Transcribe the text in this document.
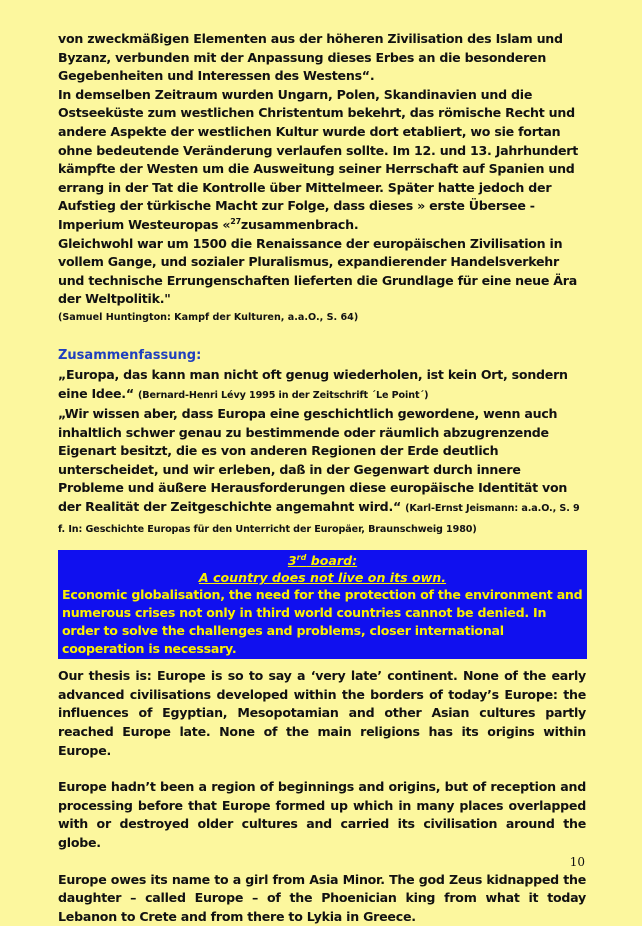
von zweckmäßigen Elementen aus der höheren Zivilisation des Islam und Byzanz, verbunden mit der Anpassung dieses Erbes an die besonderen Gegebenheiten und Interessen des Westens“.

In demselben Zeitraum wurden Ungarn, Polen, Skandinavien und die Ostseeküste zum westlichen Christentum bekehrt, das römische Recht und andere Aspekte der westlichen Kultur wurde dort etabliert, wo sie fortan ohne bedeutende Veränderung verlaufen sollte. Im 12. und 13. Jahrhundert kämpfte der Westen um die Ausweitung seiner Herrschaft auf Spanien und errang in der Tat die Kontrolle über Mittelmeer. Später hatte jedoch der Aufstieg der türkische Macht zur Folge, dass dieses » erste Übersee - Imperium Westeuropas «$^{27}$zusammenbrach.

Gleichwohl war um 1500 die Renaissance der europäischen Zivilisation in vollem Gange, und sozialer Pluralismus, expandierender Handelsverkehr und technische Errungenschaften lieferten die Grundlage für eine neue Ära der Weltpolitik."

(Samuel Huntington: Kampf der Kulturen, a.a.O., S. 64)

Zusammenfassung:

„Europa, das kann man nicht oft genug wiederholen, ist kein Ort, sondern eine Idee.“ (Bernard-Henri Lévy 1995 in der Zeitschrift ´Le Point´)

„Wir wissen aber, dass Europa eine geschichtlich gewordene, wenn auch inhaltlich schwer genau zu bestimmende oder räumlich abzugrenzende Eigenart besitzt, die es von anderen Regionen der Erde deutlich unterscheidet, und wir erleben, daß in der Gegenwart durch innere Probleme und äußere Herausforderungen diese europäische Identität von der Realität der Zeitgeschichte angemahnt wird.“ (Karl-Ernst Jeismann: a.a.O., S. 9 f. In: Geschichte Europas für den Unterricht der Europäer, Braunschweig 1980)

3rd board:

A country does not live on its own.

Economic globalisation, the need for the protection of the environment and numerous crises not only in third world countries cannot be denied. In order to solve the challenges and problems, closer international cooperation is necessary.

Our thesis is: Europe is so to say a ‘very late’ continent. None of the early advanced civilisations developed within the borders of today’s Europe: the influences of Egyptian, Mesopotamian and other Asian cultures partly reached Europe late. None of the main religions has its origins within Europe.

Europe hadn’t been a region of beginnings and origins, but of reception and processing before that Europe formed up which in many places overlapped with or destroyed older cultures and carried its civilisation around the globe.

Europe owes its name to a girl from Asia Minor. The god Zeus kidnapped the daughter – called Europe – of the Phoenician king from what it today Lebanon to Crete and from there to Lykia in Greece.

10
